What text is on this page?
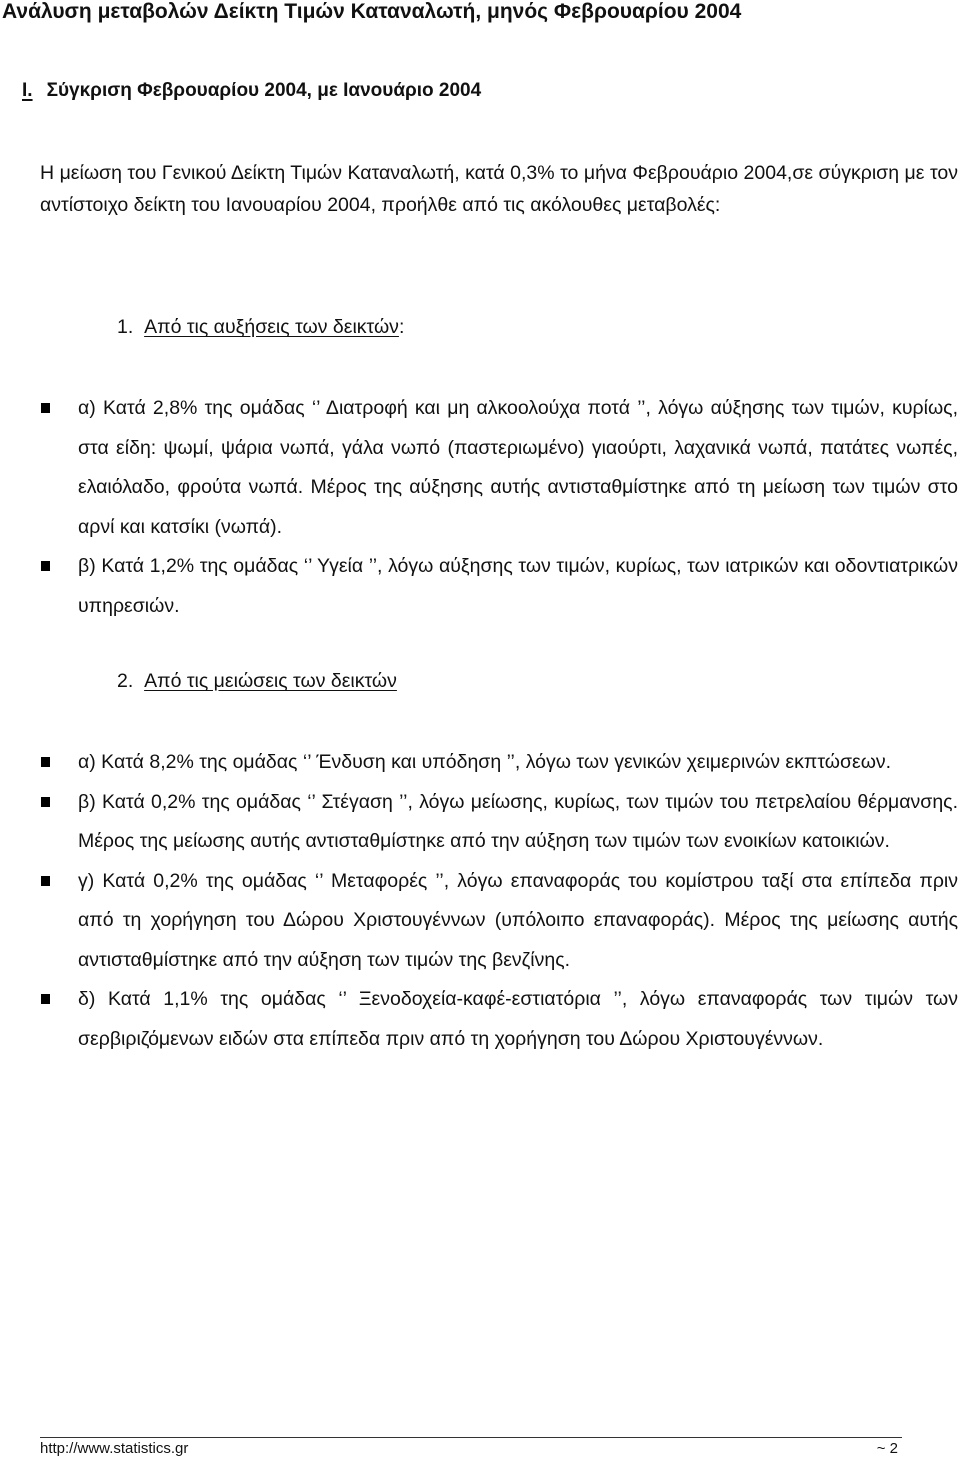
Ανάλυση μεταβολών Δείκτη Τιμών Καταναλωτή, μηνός Φεβρουαρίου 2004
I. Σύγκριση Φεβρουαρίου 2004, με Ιανουάριο 2004
Η μείωση του Γενικού Δείκτη Τιμών Καταναλωτή, κατά 0,3% το μήνα Φεβρουάριο 2004,σε σύγκριση με τον αντίστοιχο δείκτη του Ιανουαρίου 2004, προήλθε από τις ακόλουθες μεταβολές:
1. Από τις αυξήσεις των δεικτών:
α) Κατά 2,8% της ομάδας ‘’ Διατροφή και μη αλκοολούχα ποτά ’’, λόγω αύξησης των τιμών, κυρίως, στα είδη: ψωμί, ψάρια νωπά, γάλα νωπό (παστεριωμένο) γιαούρτι, λαχανικά νωπά, πατάτες νωπές, ελαιόλαδο, φρούτα νωπά. Μέρος της αύξησης αυτής αντισταθμίστηκε από τη μείωση των τιμών στο αρνί και κατσίκι (νωπά).
β) Κατά 1,2% της ομάδας ‘’ Υγεία ’’, λόγω αύξησης των τιμών, κυρίως, των ιατρικών και οδοντιατρικών υπηρεσιών.
2. Από τις μειώσεις των δεικτών
α) Κατά 8,2% της ομάδας ‘’ Ένδυση και υπόδηση ’’, λόγω των γενικών χειμερινών εκπτώσεων.
β) Κατά 0,2% της ομάδας ‘’ Στέγαση ’’, λόγω μείωσης, κυρίως, των τιμών του πετρελαίου θέρμανσης. Μέρος της μείωσης αυτής αντισταθμίστηκε από την αύξηση των τιμών των ενοικίων κατοικιών.
γ) Κατά 0,2% της ομάδας ‘’ Μεταφορές ’’, λόγω επαναφοράς του κομίστρου ταξί στα επίπεδα πριν από τη χορήγηση του Δώρου Χριστουγέννων (υπόλοιπο επαναφοράς). Μέρος της μείωσης αυτής αντισταθμίστηκε από την αύξηση των τιμών της βενζίνης.
δ) Κατά 1,1% της ομάδας ‘’ Ξενοδοχεία-καφέ-εστιατόρια ’’, λόγω επαναφοράς των τιμών των σερβιριζόμενων ειδών στα επίπεδα πριν από τη χορήγηση του Δώρου Χριστουγέννων.
http://www.statistics.gr	~ 2
